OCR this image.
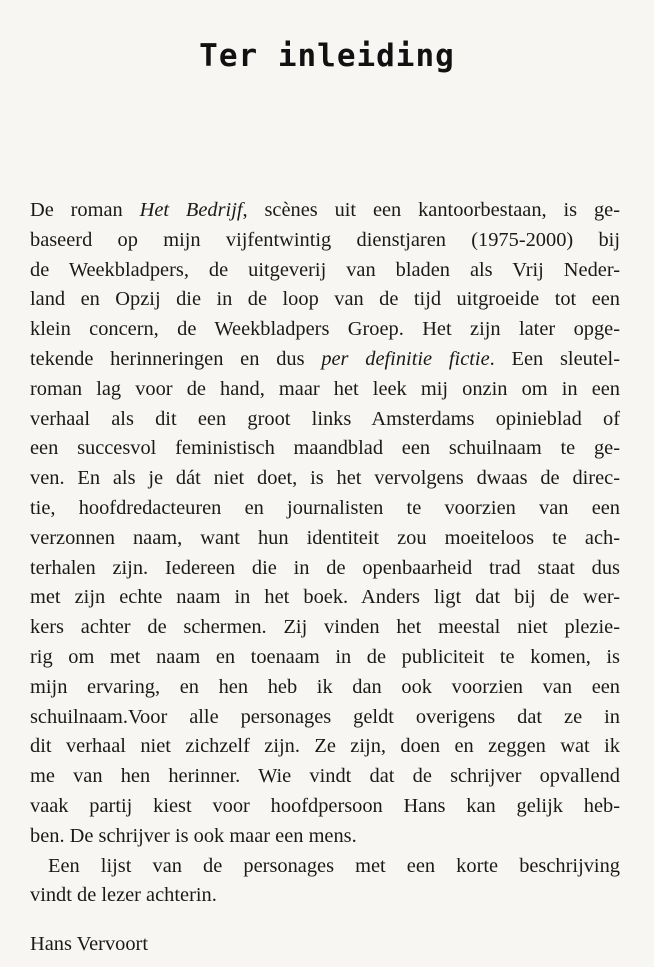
Ter inleiding
De roman Het Bedrijf, scènes uit een kantoorbestaan, is ge-
baseerd op mijn vijfentwintig dienstjaren (1975-2000) bij
de Weekbladpers, de uitgeverij van bladen als Vrij Neder-
land en Opzij die in de loop van de tijd uitgroeide tot een
klein concern, de Weekbladpers Groep. Het zijn later opge-
tekende herinneringen en dus per definitie fictie. Een sleutel-
roman lag voor de hand, maar het leek mij onzin om in een
verhaal als dit een groot links Amsterdams opinieblad of
een succesvol feministisch maandblad een schuilnaam te ge-
ven. En als je dát niet doet, is het vervolgens dwaas de direc-
tie, hoofdredacteuren en journalisten te voorzien van een
verzonnen naam, want hun identiteit zou moeiteloos te ach-
terhalen zijn. Iedereen die in de openbaarheid trad staat dus
met zijn echte naam in het boek. Anders ligt dat bij de wer-
kers achter de schermen. Zij vinden het meestal niet plezie-
rig om met naam en toenaam in de publiciteit te komen, is
mijn ervaring, en hen heb ik dan ook voorzien van een
schuilnaam.Voor alle personages geldt overigens dat ze in
dit verhaal niet zichzelf zijn. Ze zijn, doen en zeggen wat ik
me van hen herinner. Wie vindt dat de schrijver opvallend
vaak partij kiest voor hoofdpersoon Hans kan gelijk heb-
ben. De schrijver is ook maar een mens.
Een lijst van de personages met een korte beschrijving
vindt de lezer achterin.
Hans Vervoort
